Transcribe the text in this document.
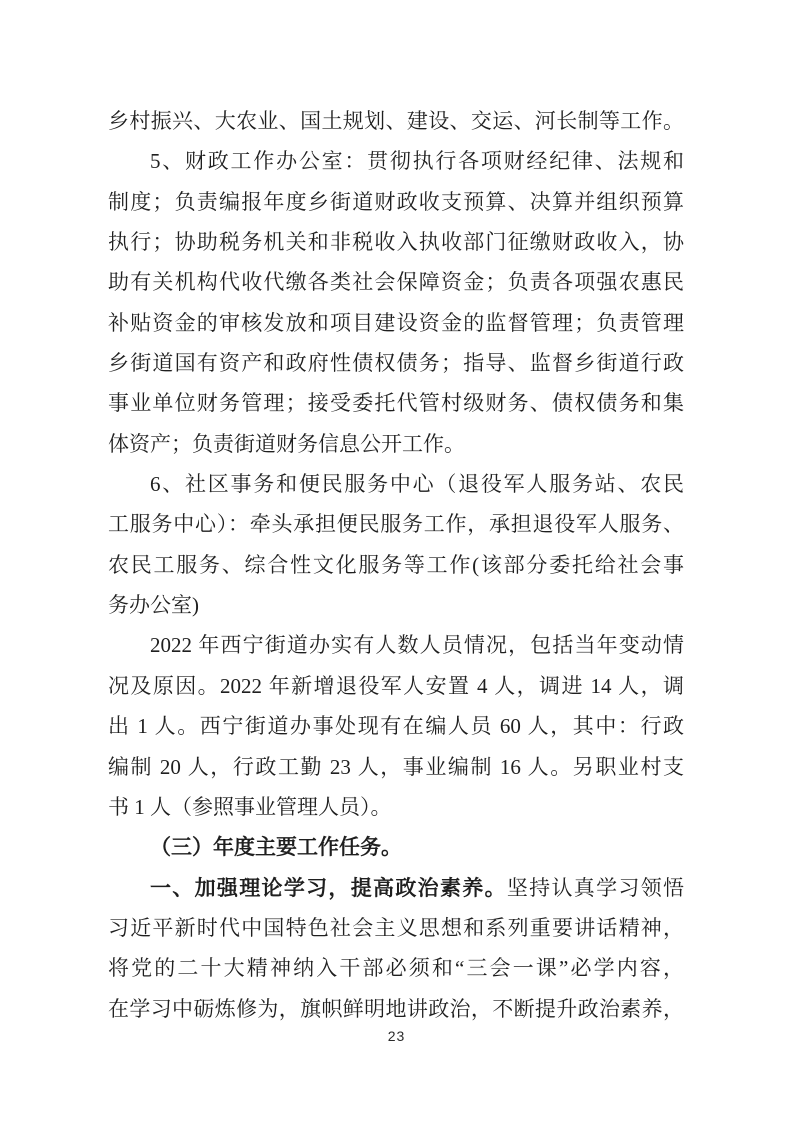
乡村振兴、大农业、国土规划、建设、交运、河长制等工作。
5、财政工作办公室：贯彻执行各项财经纪律、法规和
制度；负责编报年度乡街道财政收支预算、决算并组织预算
执行；协助税务机关和非税收入执收部门征缴财政收入，协
助有关机构代收代缴各类社会保障资金；负责各项强农惠民
补贴资金的审核发放和项目建设资金的监督管理；负责管理
乡街道国有资产和政府性债权债务；指导、监督乡街道行政
事业单位财务管理；接受委托代管村级财务、债权债务和集
体资产；负责街道财务信息公开工作。
6、社区事务和便民服务中心（退役军人服务站、农民
工服务中心）：牵头承担便民服务工作，承担退役军人服务、
农民工服务、综合性文化服务等工作(该部分委托给社会事
务办公室)
2022 年西宁街道办实有人数人员情况，包括当年变动情
况及原因。2022 年新增退役军人安置 4 人，调进 14 人，调
出 1 人。西宁街道办事处现有在编人员 60 人，其中：行政
编制 20 人，行政工勤 23 人，事业编制 16 人。另职业村支
书 1 人（参照事业管理人员）。
（三）年度主要工作任务。
一、加强理论学习，提高政治素养。坚持认真学习领悟
习近平新时代中国特色社会主义思想和系列重要讲话精神，
将党的二十大精神纳入干部必须和“三会一课”必学内容，
在学习中砺炼修为，旗帜鲜明地讲政治，不断提升政治素养，
23
